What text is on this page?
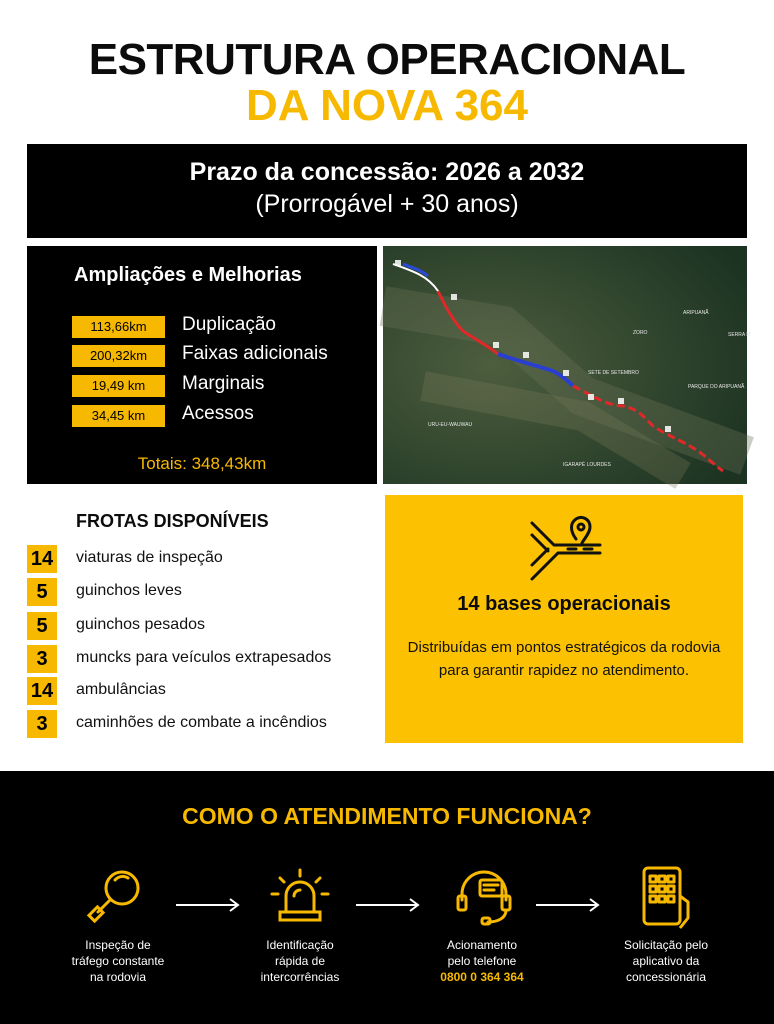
ESTRUTURA OPERACIONAL
DA NOVA 364
Prazo da concessão: 2026 a 2032
(Prorrogável + 30 anos)
Ampliações e Melhorias
113,66km	Duplicação
200,32km	Faixas adicionais
19,49 km	Marginais
34,45 km	Acessos
Totais: 348,43km
ARIPUANÃ
ZORO	SERRA M
SETE DE SETEMBRO
PARQUE DO ARIPUANÃ
URU-EU-WAUWAU
IGARAPÉ LOURDES
FROTAS DISPONÍVEIS
14 viaturas de inspeção
5	guinchos leves
5	guinchos pesados
3	muncks para veículos extrapesados
14 ambulâncias
3	caminhões de combate a incêndios
14 bases operacionais
Distribuídas em pontos estratégicos da rodovia para garantir rapidez no atendimento.
COMO O ATENDIMENTO FUNCIONA?
Inspeção de
tráfego constante
na rodovia
Identificação
rápida de
intercorrências
Acionamento
pelo telefone
0800 0 364 364
Solicitação pelo
aplicativo da
concessionária
